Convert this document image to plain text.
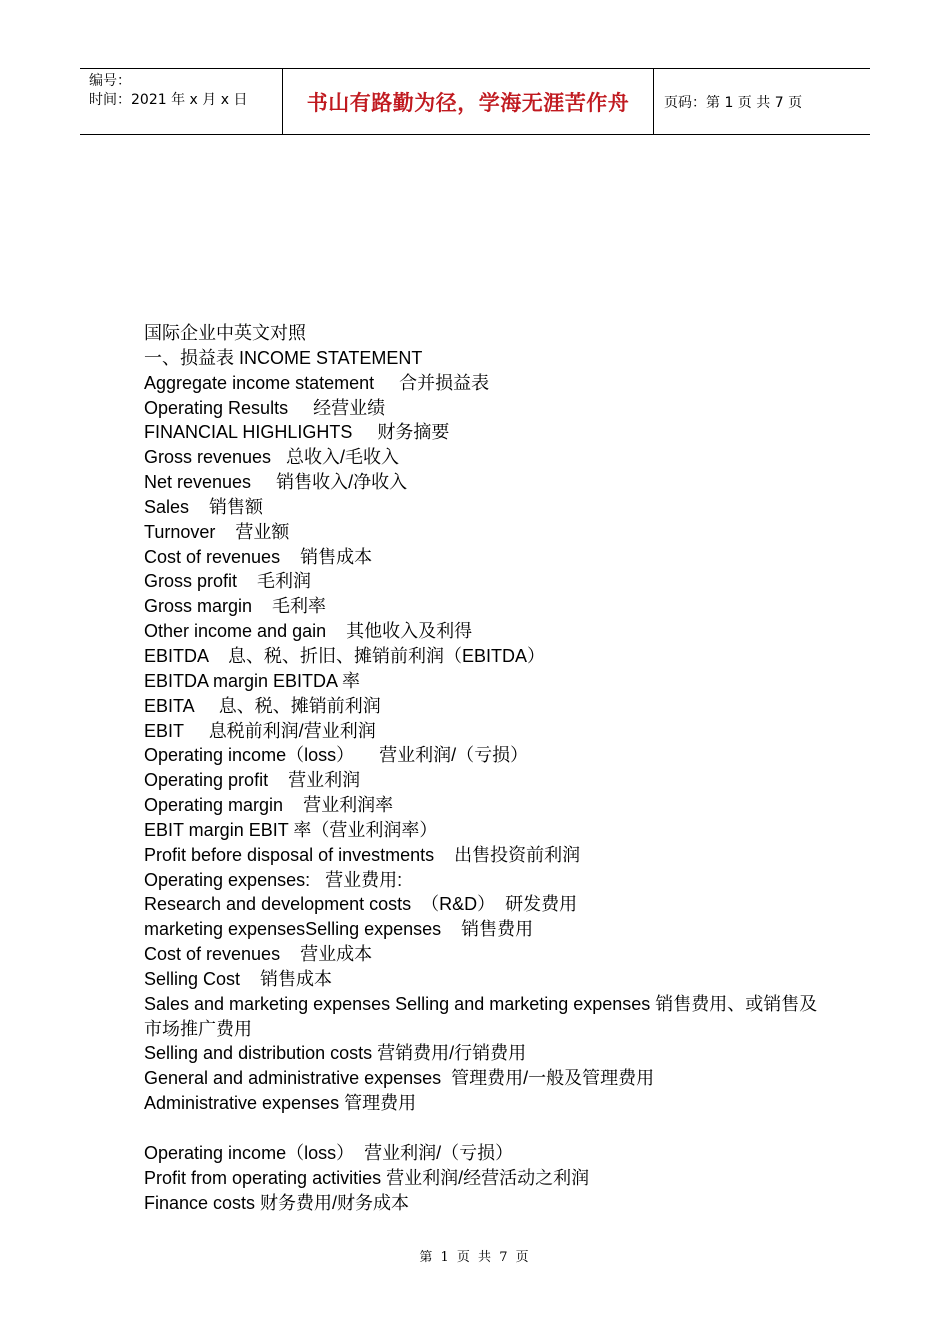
编号：
时间：2021 年 x 月 x 日	书山有路勤为径，学海无涯苦作舟	页码：第 1 页 共 7 页
国际企业中英文对照
一、损益表 INCOME STATEMENT
Aggregate income statement     合并损益表
Operating Results     经营业绩
FINANCIAL HIGHLIGHTS     财务摘要
Gross revenues   总收入/毛收入
Net revenues     销售收入/净收入
Sales    销售额
Turnover    营业额
Cost of revenues    销售成本
Gross profit    毛利润
Gross margin    毛利率
Other income and gain    其他收入及利得
EBITDA    息、税、折旧、摊销前利润（EBITDA）
EBITDA margin EBITDA 率
EBITA     息、税、摊销前利润
EBIT     息税前利润/营业利润
Operating income（loss）     营业利润/（亏损）
Operating profit    营业利润
Operating margin    营业利润率
EBIT margin EBIT 率（营业利润率）
Profit before disposal of investments    出售投资前利润
Operating expenses:   营业费用:
Research and development costs  （R&D）  研发费用
marketing expensesSelling expenses    销售费用
Cost of revenues    营业成本
Selling Cost    销售成本
Sales and marketing expenses Selling and marketing expenses 销售费用、或销售及市场推广费用
Selling and distribution costs 营销费用/行销费用
General and administrative expenses  管理费用/一般及管理费用
Administrative expenses 管理费用
Operating income（loss）  营业利润/（亏损）
Profit from operating activities 营业利润/经营活动之利润
Finance costs 财务费用/财务成本
第 1 页 共 7 页
